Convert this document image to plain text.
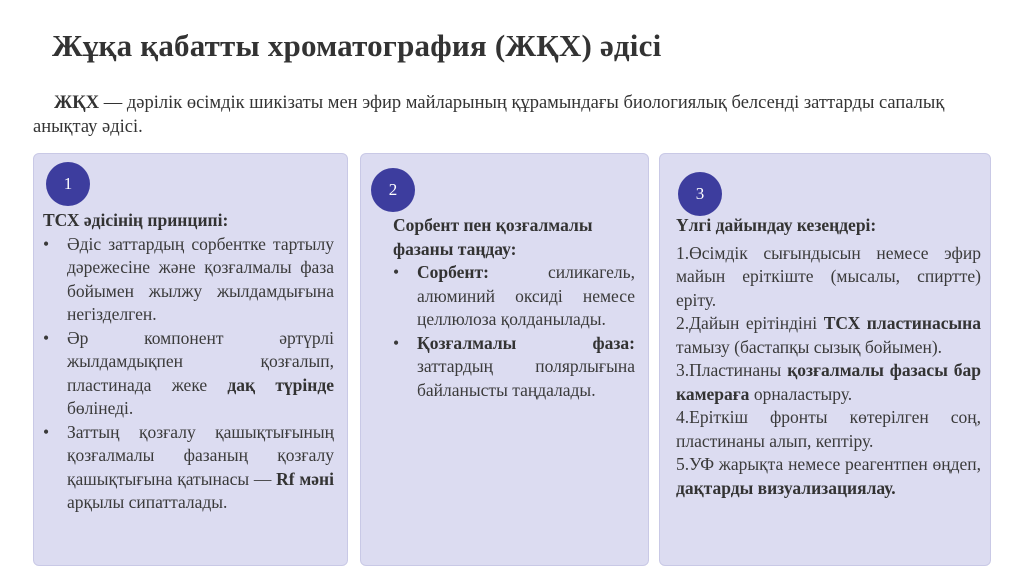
Жұқа қабатты хроматография (ЖҚХ) әдісі
ЖҚХ — дәрілік өсімдік шикізаты мен эфир майларының құрамындағы биологиялық белсенді заттарды сапалық анықтау әдісі.
1
ТСХ әдісінің принципі:
•	Әдіс заттардың сорбентке тартылу дәрежесіне және қозғалмалы фаза бойымен жылжу жылдамдығына негізделген.
•	Әр компонент әртүрлі жылдамдықпен қозғалып, пластинада жеке дақ түрінде бөлінеді.
•	Заттың қозғалу қашықтығының қозғалмалы фазаның қозғалу қашықтығына қатынасы — Rf мәні арқылы сипатталады.
2
Сорбент пен қозғалмалы фазаны таңдау:
•	Сорбент: силикагель, алюминий оксиді немесе целлюлоза қолданылады.
•	Қозғалмалы фаза: заттардың полярлығына байланысты таңдалады.
3
Үлгі дайындау кезеңдері:

1.Өсімдік сығындысын немесе эфир майын еріткіште (мысалы, спиртте) еріту.

2.Дайын ерітіндіні ТСХ пластинасына тамызу (бастапқы сызық бойымен).

3.Пластинаны қозғалмалы фазасы бар камераға орналастыру.

4.Еріткіш фронты көтерілген соң, пластинаны алып, кептіру.

5.УФ жарықта немесе реагентпен өңдеп, дақтарды визуализациялау.
